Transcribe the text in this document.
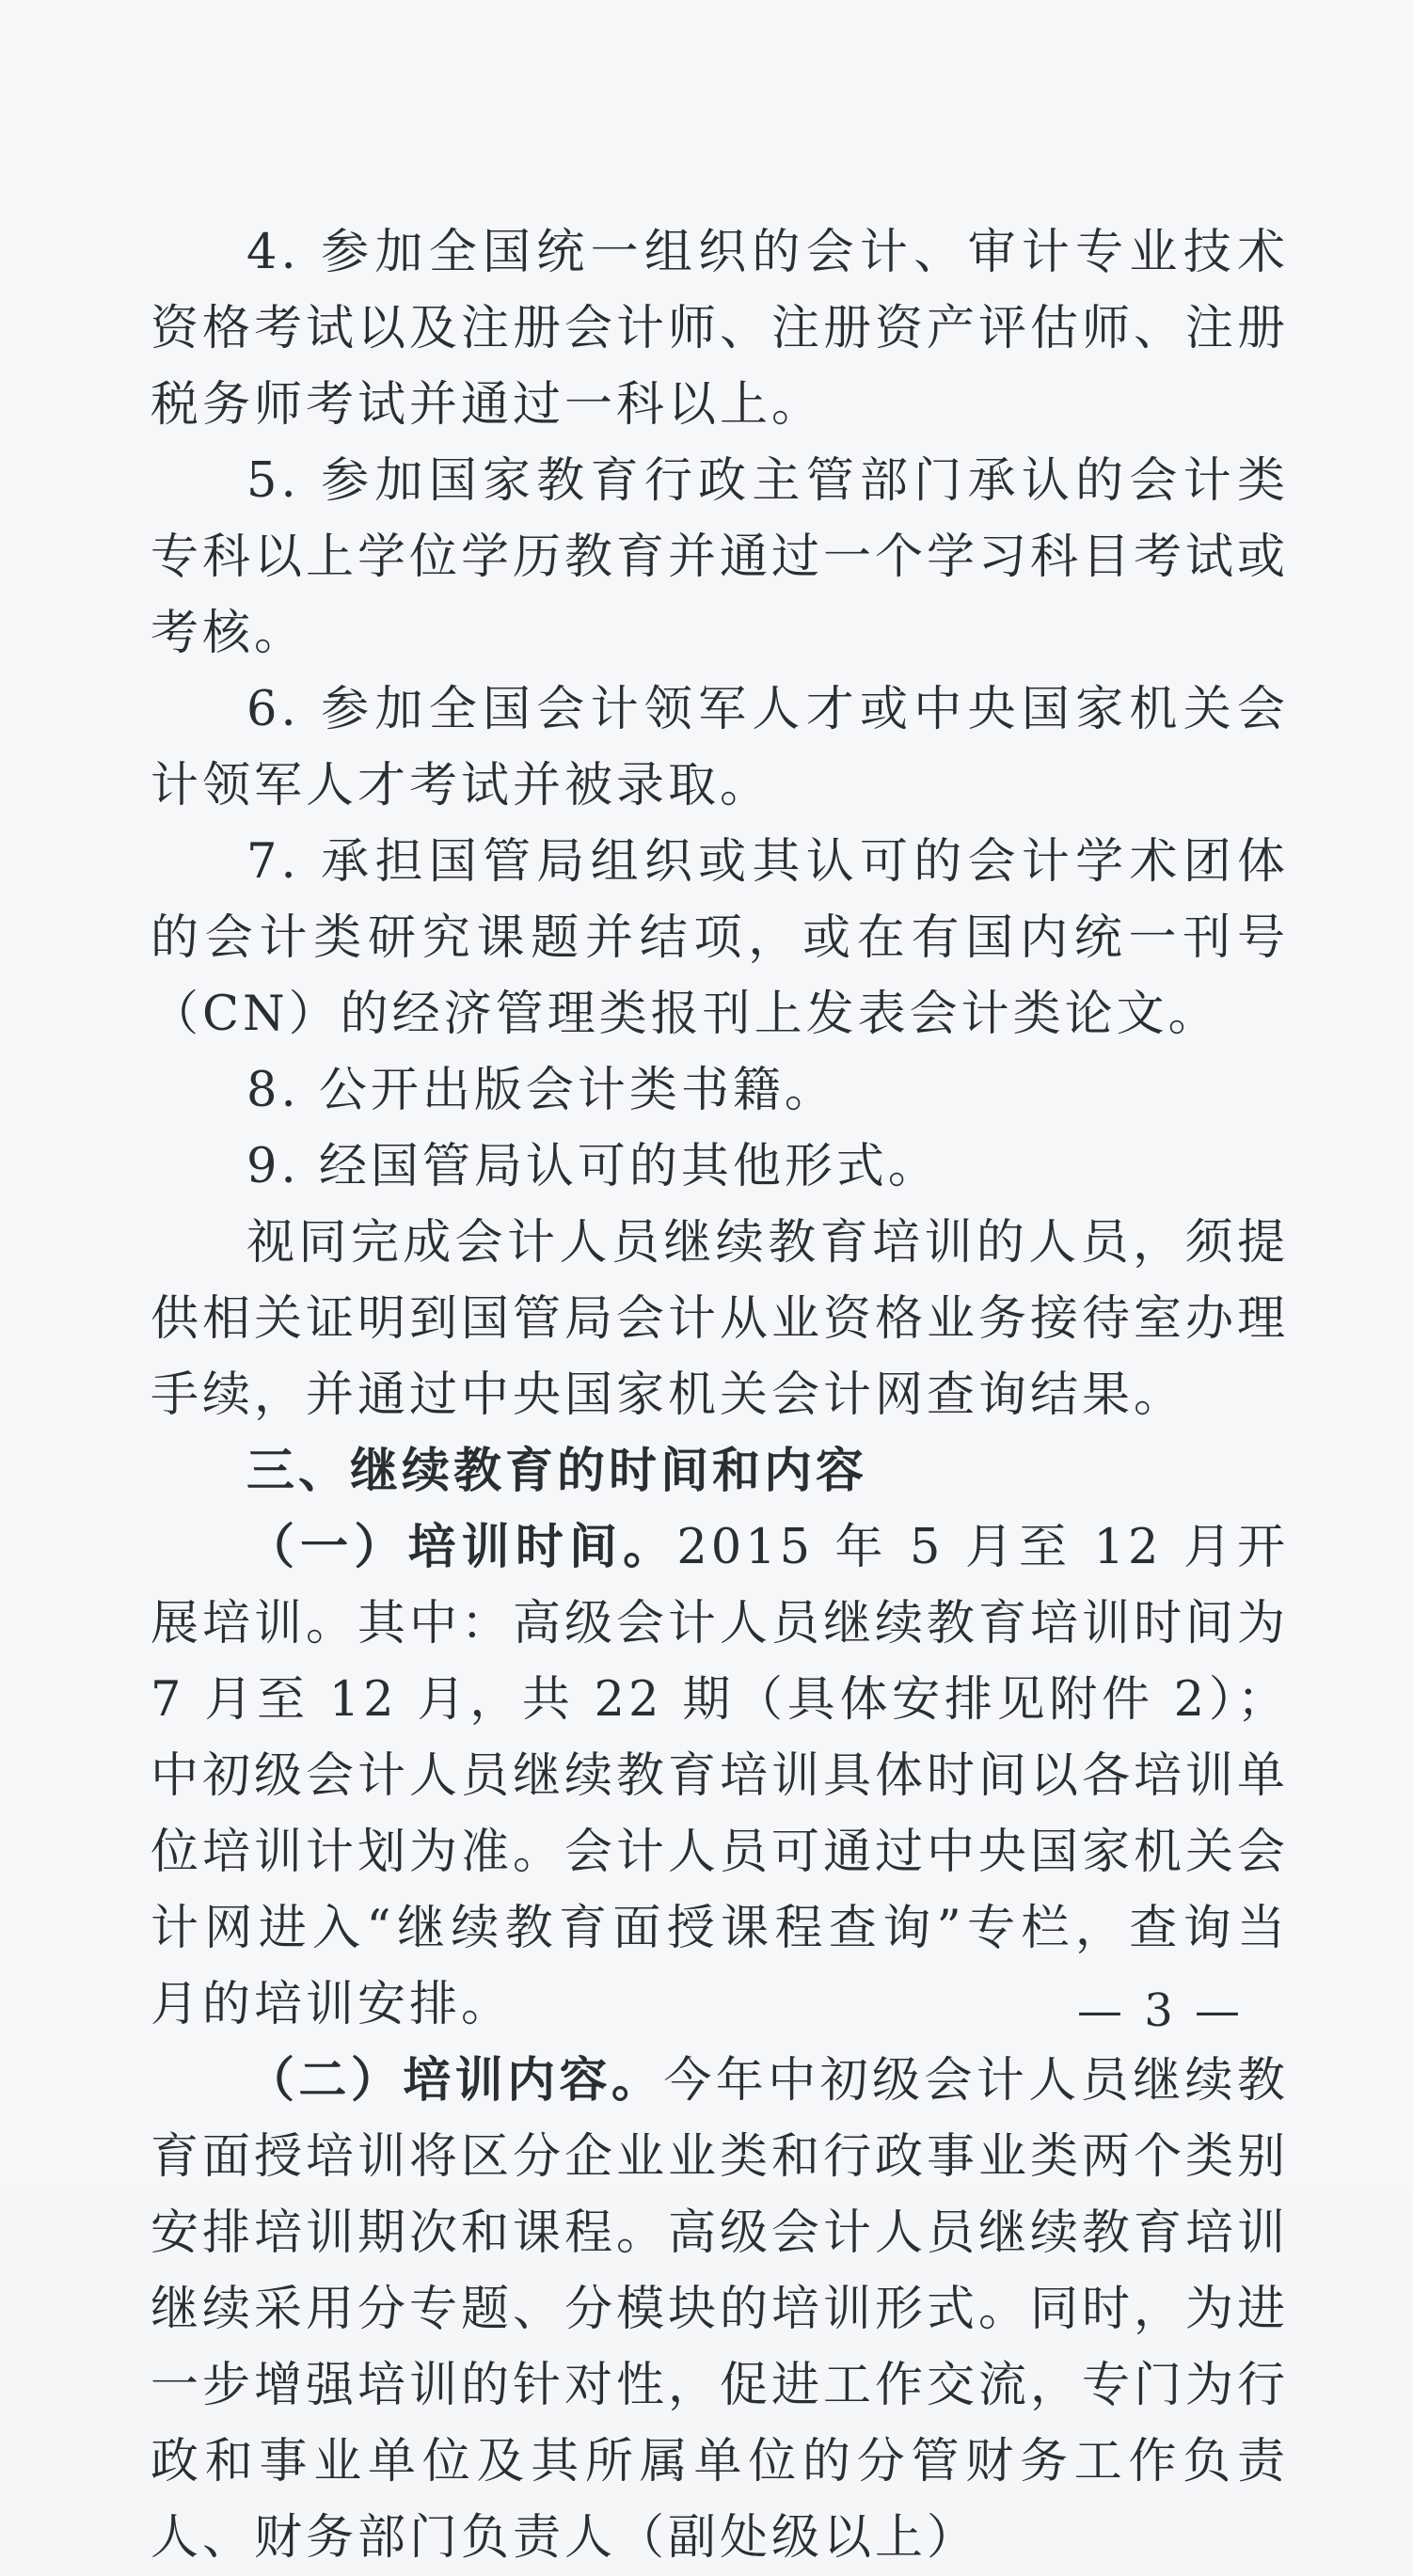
4. 参加全国统一组织的会计、审计专业技术资格考试以及注册会计师、注册资产评估师、注册税务师考试并通过一科以上。

5. 参加国家教育行政主管部门承认的会计类专科以上学位学历教育并通过一个学习科目考试或考核。

6. 参加全国会计领军人才或中央国家机关会计领军人才考试并被录取。

7. 承担国管局组织或其认可的会计学术团体的会计类研究课题并结项，或在有国内统一刊号（CN）的经济管理类报刊上发表会计类论文。

8. 公开出版会计类书籍。

9. 经国管局认可的其他形式。

视同完成会计人员继续教育培训的人员，须提供相关证明到国管局会计从业资格业务接待室办理手续，并通过中央国家机关会计网查询结果。

三、继续教育的时间和内容

（一）培训时间。2015 年 5 月至 12 月开展培训。其中：高级会计人员继续教育培训时间为 7 月至 12 月，共 22 期（具体安排见附件 2）；中初级会计人员继续教育培训具体时间以各培训单位培训计划为准。会计人员可通过中央国家机关会计网进入“继续教育面授课程查询”专栏，查询当月的培训安排。

（二）培训内容。今年中初级会计人员继续教育面授培训将区分企业业类和行政事业类两个类别安排培训期次和课程。高级会计人员继续教育培训继续采用分专题、分模块的培训形式。同时，为进一步增强培训的针对性，促进工作交流，专门为行政和事业单位及其所属单位的分管财务工作负责人、财务部门负责人（副处级以上）

— 3 —
